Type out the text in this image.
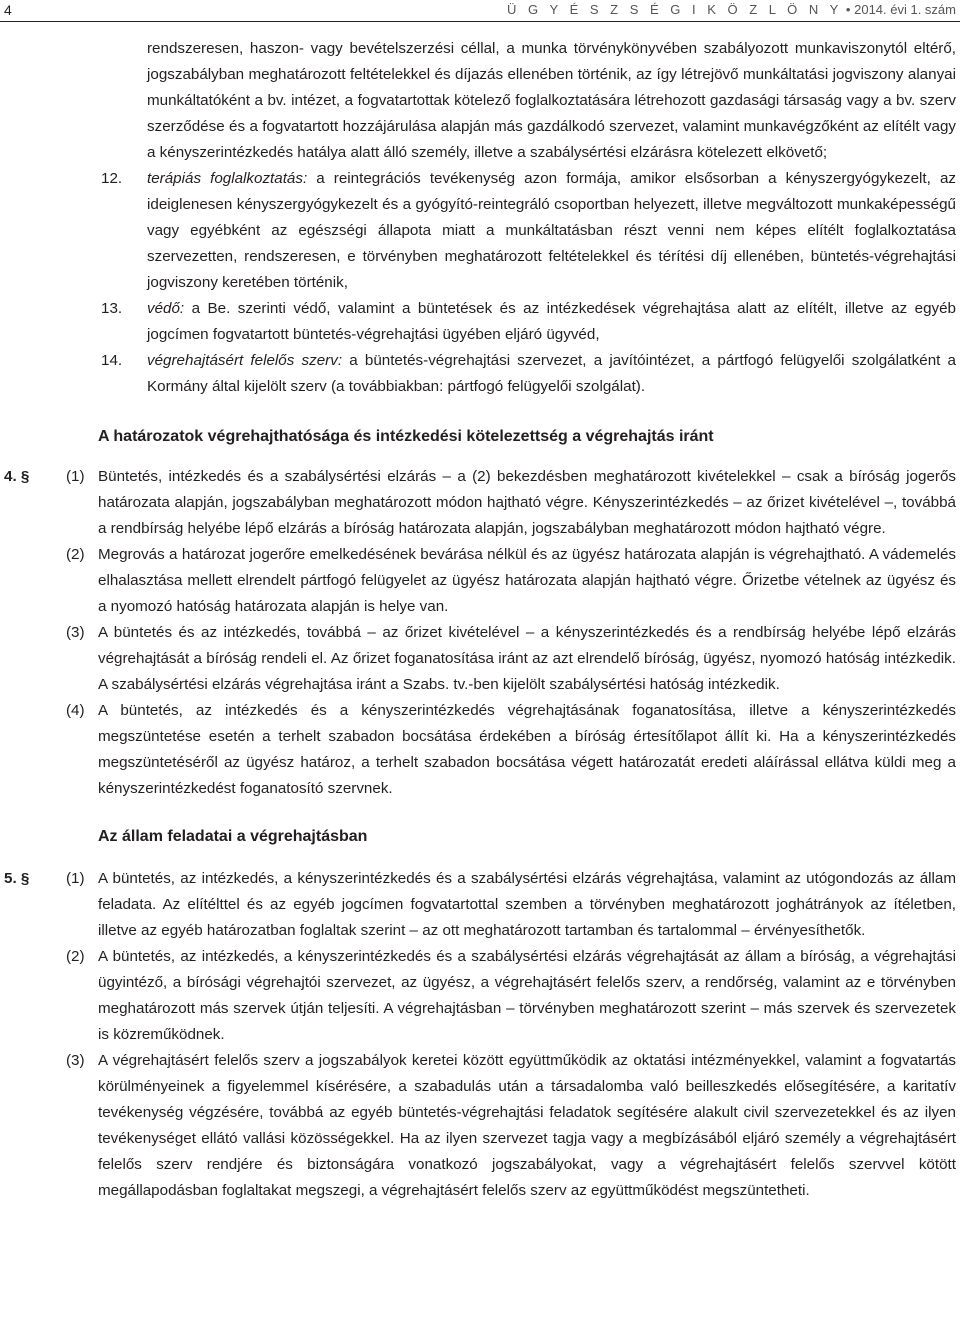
4	Ü G Y É S Z S É G I K Ö Z L Ö N Y • 2014. évi 1. szám

rendszeresen, haszon- vagy bevételszerzési céllal, a munka törvénykönyvében szabályozott munkaviszonytól eltérő, jogszabályban meghatározott feltételekkel és díjazás ellenében történik, az így létrejövő munkáltatási jogviszony alanyai munkáltatóként a bv. intézet, a fogvatartottak kötelező foglalkoztatására létrehozott gazdasági társaság vagy a bv. szerv szerződése és a fogvatartott hozzájárulása alapján más gazdálkodó szervezet, valamint munkavégzőként az elítélt vagy a kényszerintézkedés hatálya alatt álló személy, illetve a szabálysértési elzárásra kötelezett elkövető;

12. terápiás foglalkoztatás: a reintegrációs tevékenység azon formája, amikor elsősorban a kényszergyógykezelt, az ideiglenesen kényszergyógykezelt és a gyógyító-reintegráló csoportban helyezett, illetve megváltozott munkaképességű vagy egyébként az egészségi állapota miatt a munkáltatásban részt venni nem képes elítélt foglalkoztatása szervezetten, rendszeresen, e törvényben meghatározott feltételekkel és térítési díj ellenében, büntetés-végrehajtási jogviszony keretében történik,

13. védő: a Be. szerinti védő, valamint a büntetések és az intézkedések végrehajtása alatt az elítélt, illetve az egyéb jogcímen fogvatartott büntetés-végrehajtási ügyében eljáró ügyvéd,

14. végrehajtásért felelős szerv: a büntetés-végrehajtási szervezet, a javítóintézet, a pártfogó felügyelői szolgálatként a Kormány által kijelölt szerv (a továbbiakban: pártfogó felügyelői szolgálat).

A határozatok végrehajthatósága és intézkedési kötelezettség a végrehajtás iránt
4. § (1) Büntetés, intézkedés és a szabálysértési elzárás – a (2) bekezdésben meghatározott kivételekkel – csak a bíróság jogerős határozata alapján, jogszabályban meghatározott módon hajtható végre. Kényszerintézkedés – az őrizet kivételével –, továbbá a rendbírság helyébe lépő elzárás a bíróság határozata alapján, jogszabályban meghatározott módon hajtható végre.

(2) Megrovás a határozat jogerőre emelkedésének bevárása nélkül és az ügyész határozata alapján is végrehajtható. A vádemelés elhalasztása mellett elrendelt pártfogó felügyelet az ügyész határozata alapján hajtható végre. Őrizetbe vételnek az ügyész és a nyomozó hatóság határozata alapján is helye van.

(3) A büntetés és az intézkedés, továbbá – az őrizet kivételével – a kényszerintézkedés és a rendbírság helyébe lépő elzárás végrehajtását a bíróság rendeli el. Az őrizet foganatosítása iránt az azt elrendelő bíróság, ügyész, nyomozó hatóság intézkedik. A szabálysértési elzárás végrehajtása iránt a Szabs. tv.-ben kijelölt szabálysértési hatóság intézkedik.

(4) A büntetés, az intézkedés és a kényszerintézkedés végrehajtásának foganatosítása, illetve a kényszerintézkedés megszüntetése esetén a terhelt szabadon bocsátása érdekében a bíróság értesítőlapot állít ki. Ha a kényszerintézkedés megszüntetéséről az ügyész határoz, a terhelt szabadon bocsátása végett határozatát eredeti aláírással ellátva küldi meg a kényszerintézkedést foganatosító szervnek.

Az állam feladatai a végrehajtásban
5. § (1) A büntetés, az intézkedés, a kényszerintézkedés és a szabálysértési elzárás végrehajtása, valamint az utógondozás az állam feladata. Az elítélttel és az egyéb jogcímen fogvatartottal szemben a törvényben meghatározott joghátrányok az ítéletben, illetve az egyéb határozatban foglaltak szerint – az ott meghatározott tartamban és tartalommal – érvényesíthetők.

(2) A büntetés, az intézkedés, a kényszerintézkedés és a szabálysértési elzárás végrehajtását az állam a bíróság, a végrehajtási ügyintéző, a bírósági végrehajtói szervezet, az ügyész, a végrehajtásért felelős szerv, a rendőrség, valamint az e törvényben meghatározott más szervek útján teljesíti. A végrehajtásban – törvényben meghatározott szerint – más szervek és szervezetek is közreműködnek.

(3) A végrehajtásért felelős szerv a jogszabályok keretei között együttműködik az oktatási intézményekkel, valamint a fogvatartás körülményeinek a figyelemmel kísérésére, a szabadulás után a társadalomba való beilleszkedés elősegítésére, a karitatív tevékenység végzésére, továbbá az egyéb büntetés-végrehajtási feladatok segítésére alakult civil szervezetekkel és az ilyen tevékenységet ellátó vallási közösségekkel. Ha az ilyen szervezet tagja vagy a megbízásából eljáró személy a végrehajtásért felelős szerv rendjére és biztonságára vonatkozó jogszabályokat, vagy a végrehajtásért felelős szervvel kötött megállapodásban foglaltakat megszegi, a végrehajtásért felelős szerv az együttműködést megszüntetheti.
